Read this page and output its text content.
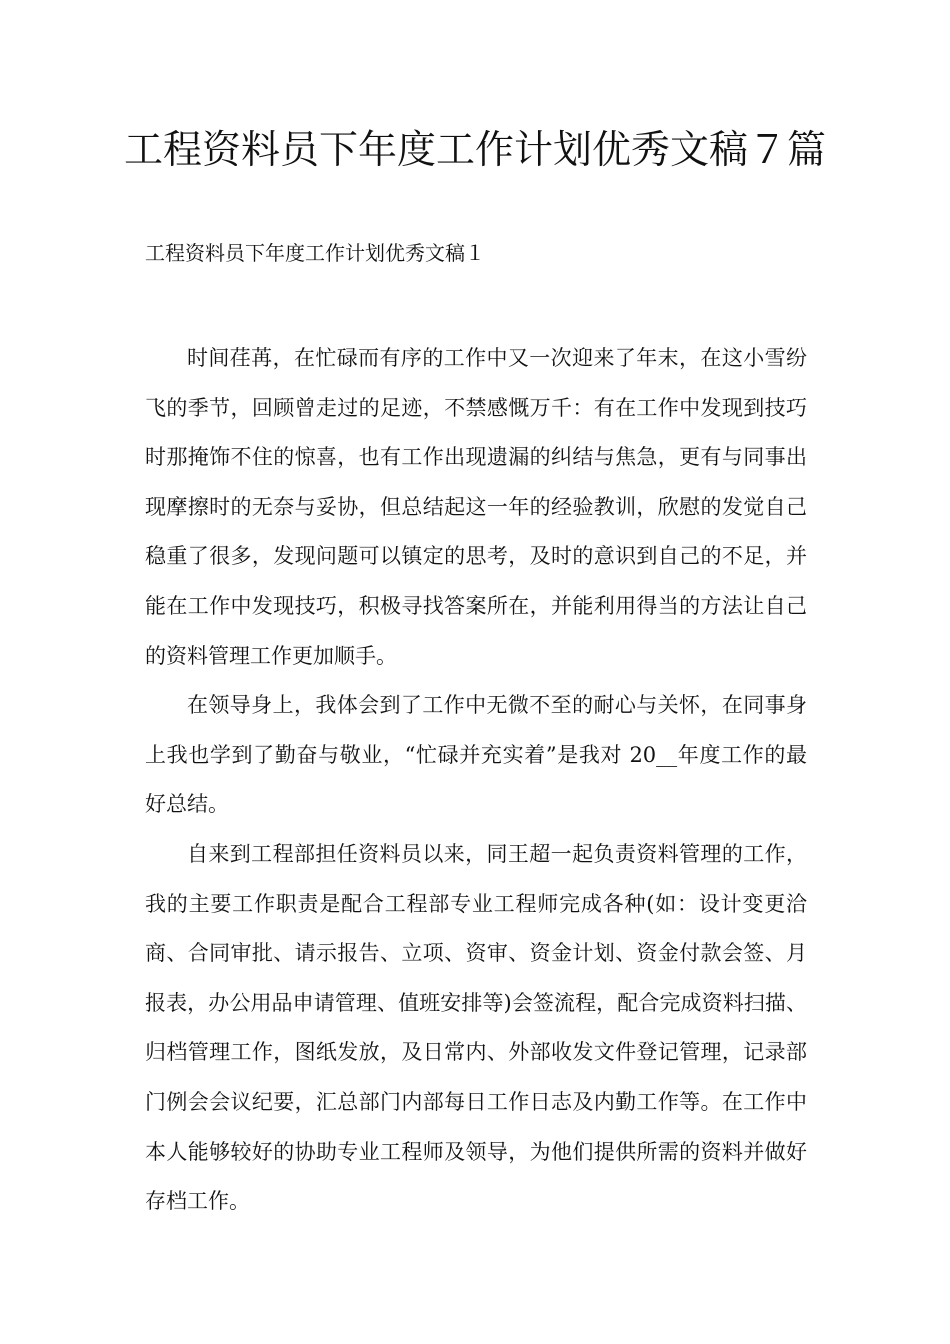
工程资料员下年度工作计划优秀文稿７篇

工程资料员下年度工作计划优秀文稿１

时间荏苒，在忙碌而有序的工作中又一次迎来了年末，在这小雪纷飞的季节，回顾曾走过的足迹，不禁感慨万千：有在工作中发现到技巧时那掩饰不住的惊喜，也有工作出现遗漏的纠结与焦急，更有与同事出现摩擦时的无奈与妥协，但总结起这一年的经验教训，欣慰的发觉自己稳重了很多，发现问题可以镇定的思考，及时的意识到自己的不足，并能在工作中发现技巧，积极寻找答案所在，并能利用得当的方法让自己的资料管理工作更加顺手。

在领导身上，我体会到了工作中无微不至的耐心与关怀，在同事身上我也学到了勤奋与敬业，“忙碌并充实着”是我对 20__年度工作的最好总结。

自来到工程部担任资料员以来，同王超一起负责资料管理的工作，我的主要工作职责是配合工程部专业工程师完成各种(如：设计变更洽商、合同审批、请示报告、立项、资审、资金计划、资金付款会签、月报表，办公用品申请管理、值班安排等)会签流程，配合完成资料扫描、归档管理工作，图纸发放，及日常内、外部收发文件登记管理，记录部门例会会议纪要，汇总部门内部每日工作日志及内勤工作等。在工作中本人能够较好的协助专业工程师及领导，为他们提供所需的资料并做好存档工作。
